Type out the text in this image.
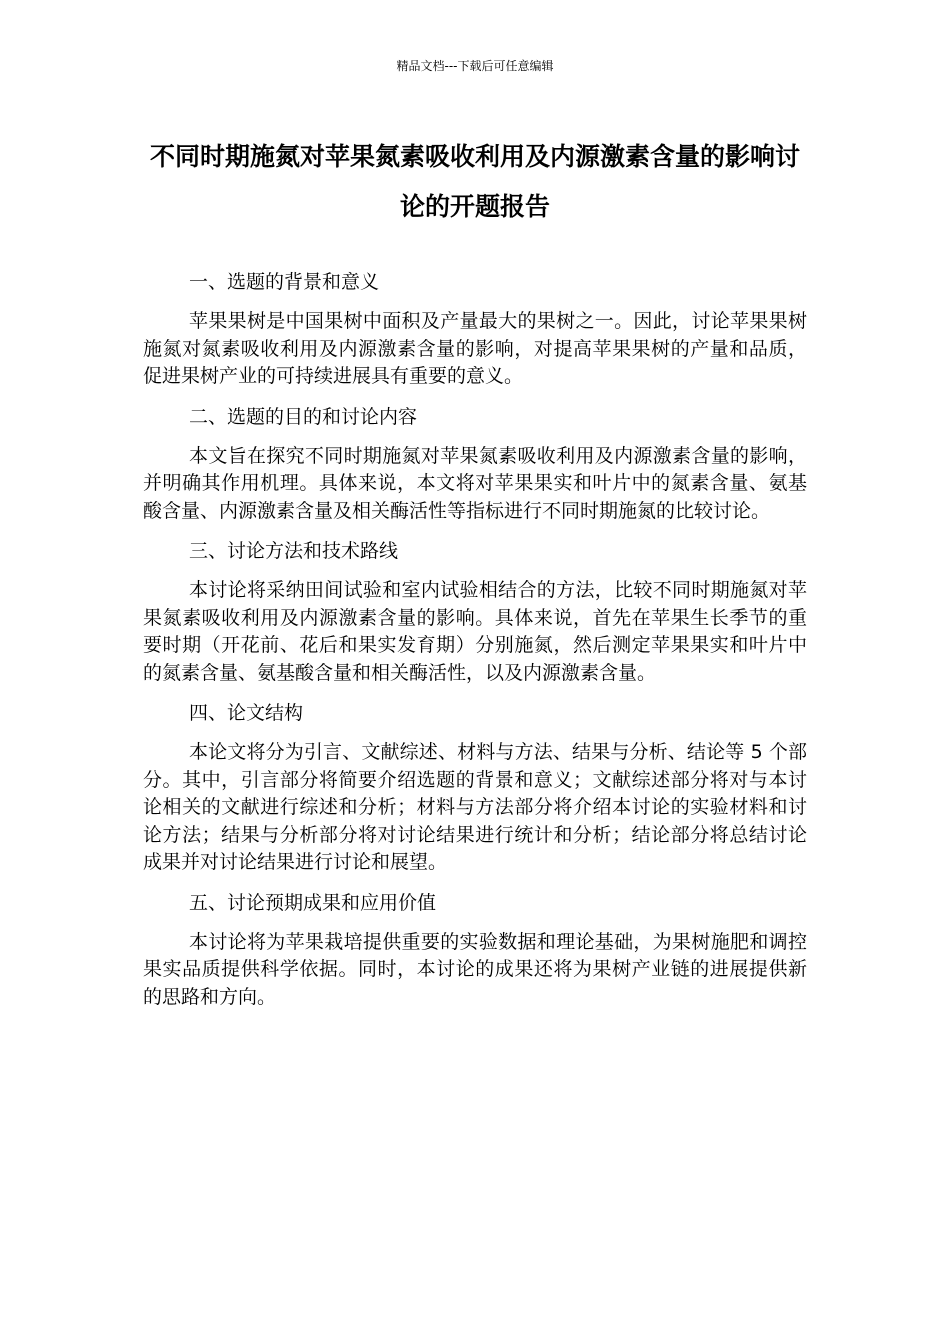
精品文档---下载后可任意编辑
不同时期施氮对苹果氮素吸收利用及内源激素含量的影响讨论的开题报告

一、选题的背景和意义

苹果果树是中国果树中面积及产量最大的果树之一。因此，讨论苹果果树施氮对氮素吸收利用及内源激素含量的影响，对提高苹果果树的产量和品质，促进果树产业的可持续进展具有重要的意义。

二、选题的目的和讨论内容

本文旨在探究不同时期施氮对苹果氮素吸收利用及内源激素含量的影响，并明确其作用机理。具体来说，本文将对苹果果实和叶片中的氮素含量、氨基酸含量、内源激素含量及相关酶活性等指标进行不同时期施氮的比较讨论。

三、讨论方法和技术路线

本讨论将采纳田间试验和室内试验相结合的方法，比较不同时期施氮对苹果氮素吸收利用及内源激素含量的影响。具体来说，首先在苹果生长季节的重要时期（开花前、花后和果实发育期）分别施氮，然后测定苹果果实和叶片中的氮素含量、氨基酸含量和相关酶活性，以及内源激素含量。

四、论文结构

本论文将分为引言、文献综述、材料与方法、结果与分析、结论等 5 个部分。其中，引言部分将简要介绍选题的背景和意义；文献综述部分将对与本讨论相关的文献进行综述和分析；材料与方法部分将介绍本讨论的实验材料和讨论方法；结果与分析部分将对讨论结果进行统计和分析；结论部分将总结讨论成果并对讨论结果进行讨论和展望。

五、讨论预期成果和应用价值

本讨论将为苹果栽培提供重要的实验数据和理论基础，为果树施肥和调控果实品质提供科学依据。同时，本讨论的成果还将为果树产业链的进展提供新的思路和方向。
